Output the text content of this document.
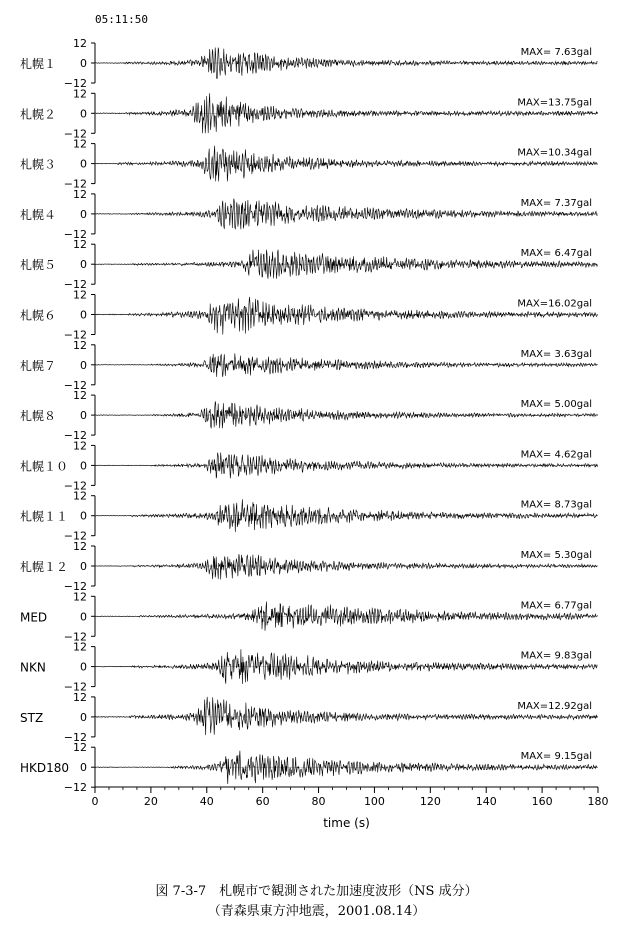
05:11:50
12
0
−12
札幌１
MAX= 7.63gal
12
0
−12
札幌２
MAX=13.75gal
12
0
−12
札幌３
MAX=10.34gal
12
0
−12
札幌４
MAX= 7.37gal
12
0
−12
札幌５
MAX= 6.47gal
12
0
−12
札幌６
MAX=16.02gal
12
0
−12
札幌７
MAX= 3.63gal
12
0
−12
札幌８
MAX= 5.00gal
12
0
−12
札幌１０
MAX= 4.62gal
12
0
−12
札幌１１
MAX= 8.73gal
12
0
−12
札幌１２
MAX= 5.30gal
12
0
−12
MED
MAX= 6.77gal
12
0
−12
NKN
MAX= 9.83gal
12
0
−12
STZ
MAX=12.92gal
12
0
−12
HKD180
MAX= 9.15gal
0	20	40	60	80	100	120	140	160	180
time (s)
図 7-3-7　札幌市で観測された加速度波形（NS 成分）
（青森県東方沖地震，2001.08.14）
